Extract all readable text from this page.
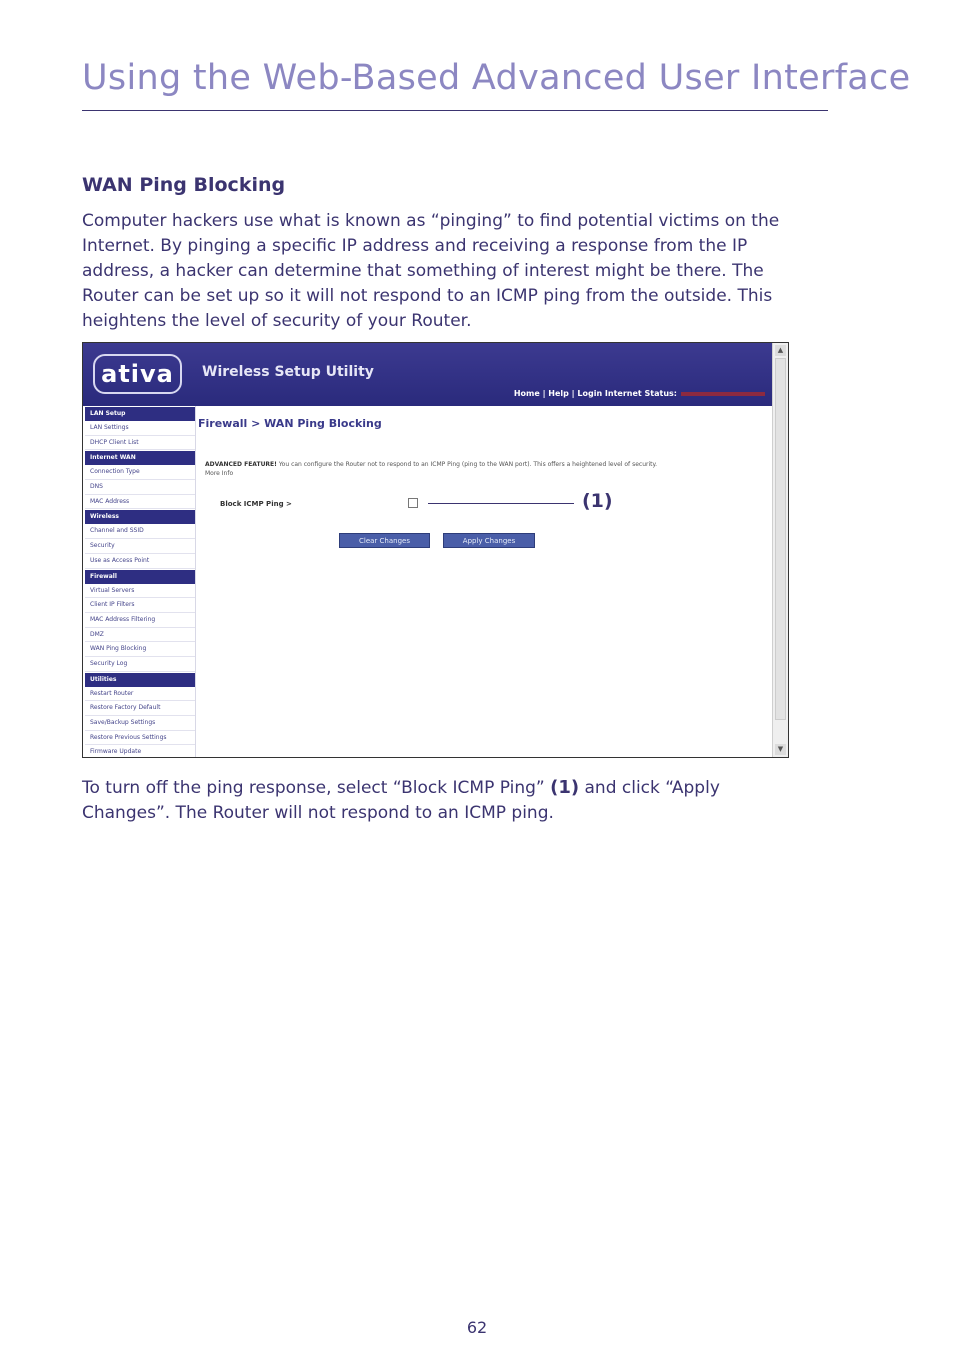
Using the Web-Based Advanced User Interface
WAN Ping Blocking

Computer hackers use what is known as “pinging” to find potential victims on the Internet. By pinging a specific IP address and receiving a response from the IP address, a hacker can determine that something of interest might be there. The Router can be set up so it will not respond to an ICMP ping from the outside. This heightens the level of security of your Router.

ativa	Wireless Setup Utility
Home | Help | Login Internet Status:
LAN Setup
LAN Settings
DHCP Client List
Internet WAN
Connection Type
DNS
MAC Address
Wireless
Channel and SSID
Security
Use as Access Point
Firewall
Virtual Servers
Client IP Filters
MAC Address Filtering
DMZ
WAN Ping Blocking
Security Log
Utilities
Restart Router
Restore Factory Default
Save/Backup Settings
Restore Previous Settings
Firmware Update
Firewall > WAN Ping Blocking
ADVANCED FEATURE! You can configure the Router not to respond to an ICMP Ping (ping to the WAN port). This offers a heightened level of security. More Info
Block ICMP Ping >
Clear Changes	Apply Changes
▲
▼
(1)

To turn off the ping response, select “Block ICMP Ping” (1) and click “Apply Changes”. The Router will not respond to an ICMP ping.

62
